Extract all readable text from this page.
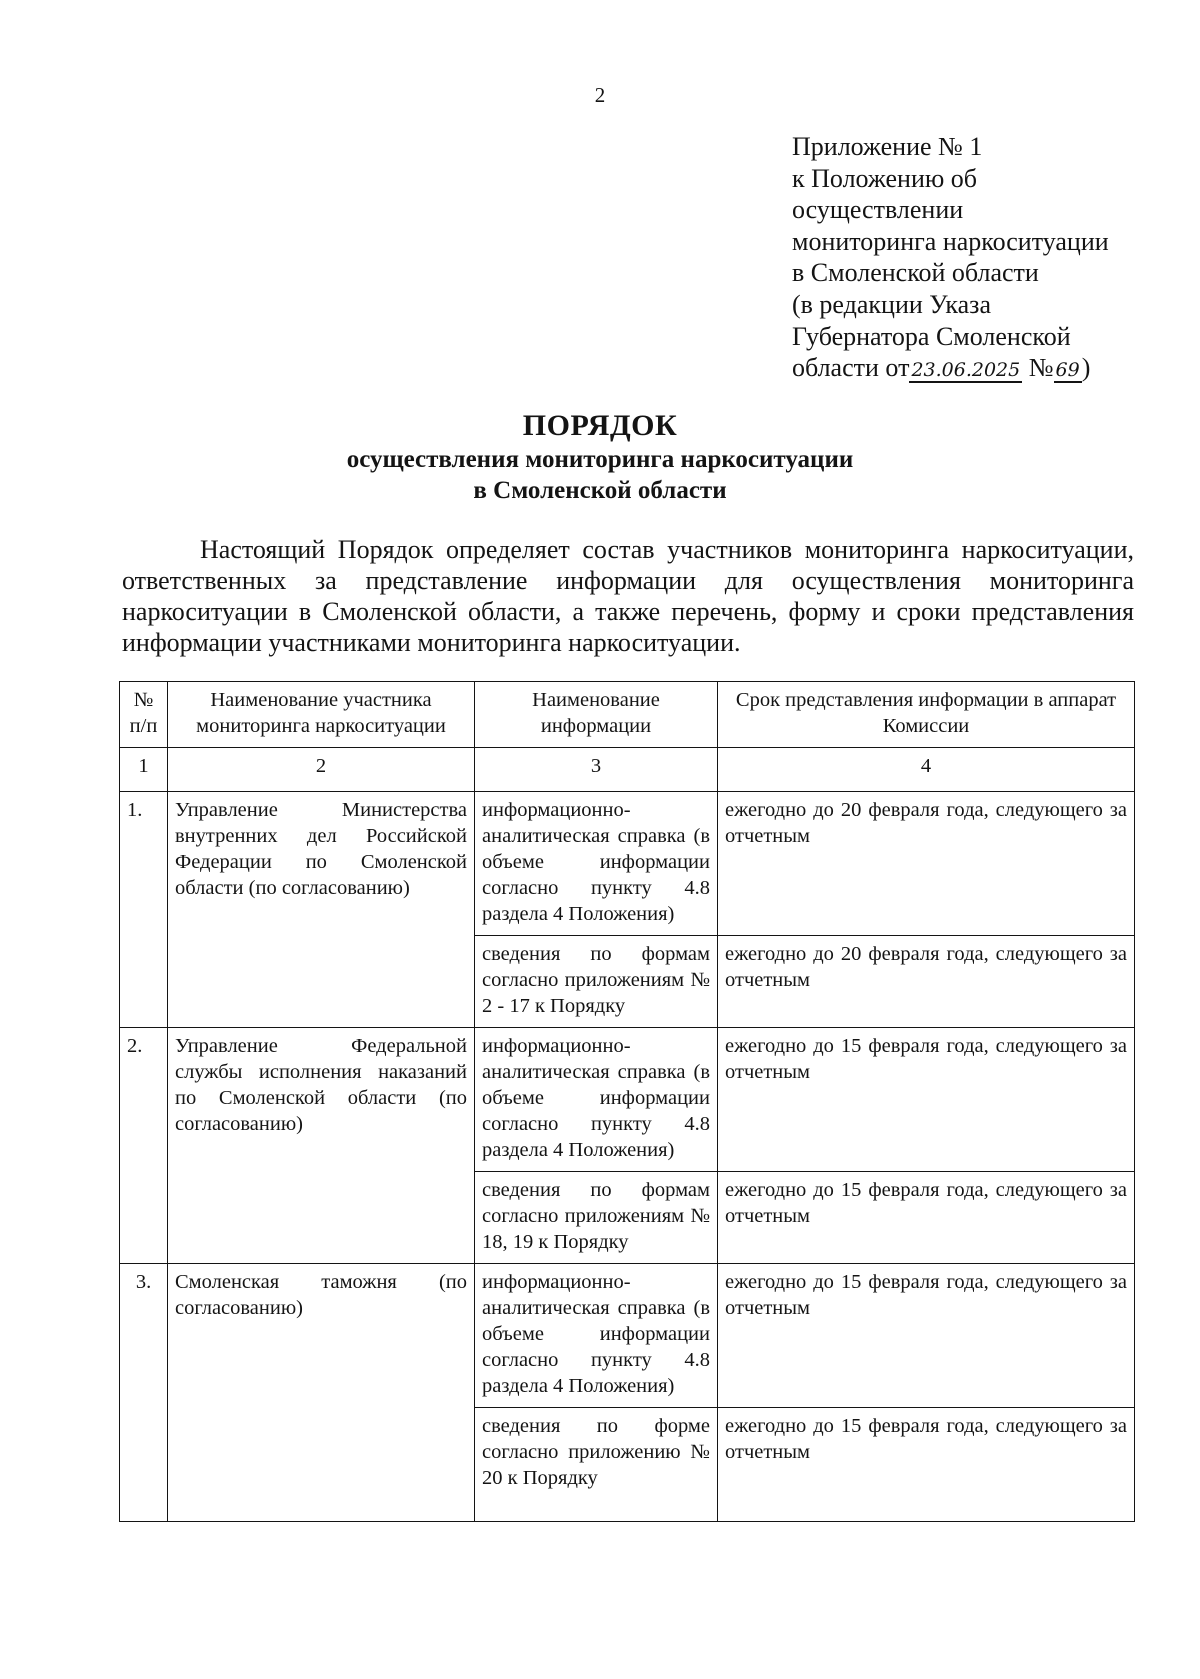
2
Приложение № 1
к Положению об
осуществлении
мониторинга наркоситуации
в Смоленской области
(в редакции Указа
Губернатора Смоленской
области от 23.06.2025 № 69)
ПОРЯДОК
осуществления мониторинга наркоситуации
в Смоленской области

Настоящий Порядок определяет состав участников мониторинга наркоситуации, ответственных за представление информации для осуществления мониторинга наркоситуации в Смоленской области, а также перечень, форму и сроки представления информации участниками мониторинга наркоситуации.

№ п/п	Наименование участника мониторинга наркоситуации	Наименование информации	Срок представления информации в аппарат Комиссии
1	2	3	4
1.	Управление Министерства внутренних дел Российской Федерации по Смоленской области (по согласованию)	информационно-аналитическая справка (в объеме информации согласно пункту 4.8 раздела 4 Положения)	ежегодно до 20 февраля года, следующего за отчетным
		сведения по формам согласно приложениям № 2 - 17 к Порядку	ежегодно до 20 февраля года, следующего за отчетным
2.	Управление Федеральной службы исполнения наказаний по Смоленской области (по согласованию)	информационно-аналитическая справка (в объеме информации согласно пункту 4.8 раздела 4 Положения)	ежегодно до 15 февраля года, следующего за отчетным
		сведения по формам согласно приложениям № 18, 19 к Порядку	ежегодно до 15 февраля года, следующего за отчетным
3.	Смоленская таможня (по согласованию)	информационно-аналитическая справка (в объеме информации согласно пункту 4.8 раздела 4 Положения)	ежегодно до 15 февраля года, следующего за отчетным
		сведения по форме согласно приложению № 20 к Порядку	ежегодно до 15 февраля года, следующего за отчетным
